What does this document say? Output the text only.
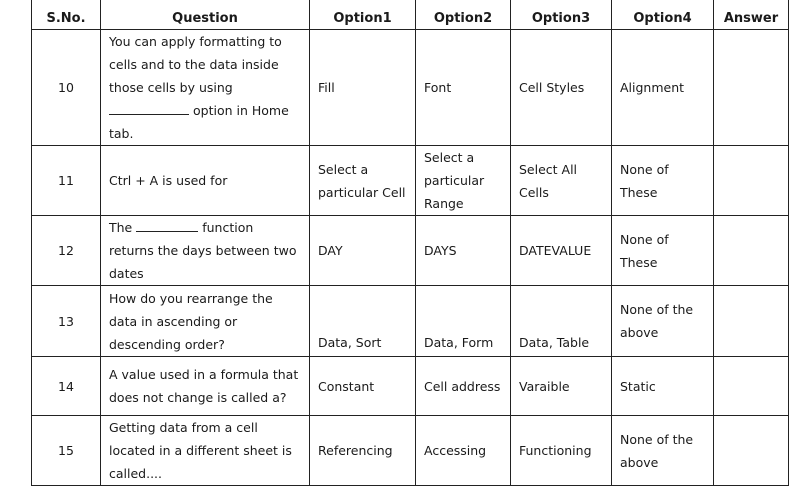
S.No.	Question	Option1	Option2	Option3	Option4	Answer
10	You can apply formatting to cells and to the data inside those cells by using  option in Home tab.	Fill	Font	Cell Styles	Alignment	
11	Ctrl + A is used for	Select a particular Cell	Select a particular Range	Select All Cells	None of These	
12	The function returns the days between two dates	DAY	DAYS	DATEVALUE	None of These	
13	How do you rearrange the data in ascending or descending order?	Data, Sort	Data, Form	Data, Table	None of the above	
14	A value used in a formula that does not change is called a?	Constant	Cell address	Varaible	Static	
15	Getting data from a cell located in a different sheet is called....	Referencing	Accessing	Functioning	None of the above	
